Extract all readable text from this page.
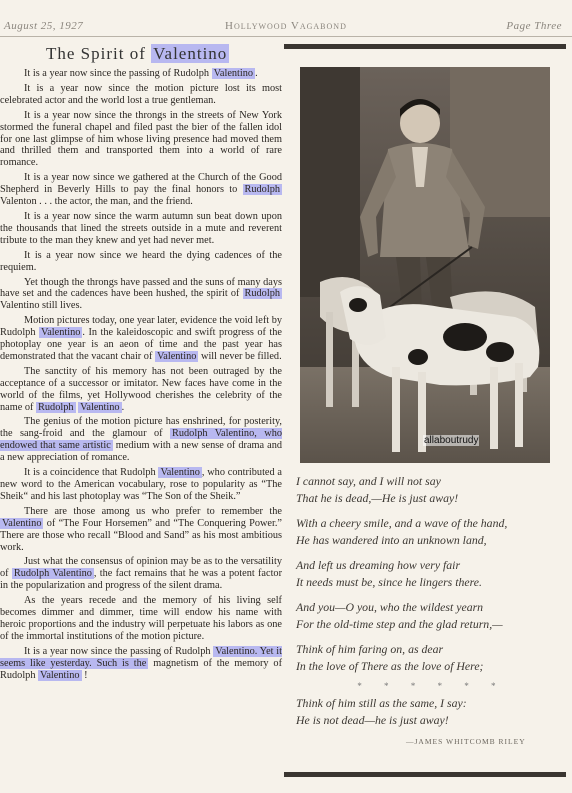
August 25, 1927	Hollywood Vagabond	Page Three
The Spirit of Valentino

It is a year now since the passing of Rudolph Valentino .

It is a year now since the motion picture lost its most celebrated actor and the world lost a true gentleman.

It is a year now since the throngs in the streets of New York stormed the funeral chapel and filed past the bier of the fallen idol for one last glimpse of him whose living presence had moved them and thrilled them and transported them into a world of rare romance.

It is a year now since we gathered at the Church of the Good Shepherd in Beverly Hills to pay the final honors to Rudolph Valenton . . . the actor, the man, and the friend.

It is a year now since the warm autumn sun beat down upon the thousands that lined the streets outside in a mute and reverent tribute to the man they knew and yet had never met.

It is a year now since we heard the dying cadences of the requiem.

Yet though the throngs have passed and the suns of many days have set and the cadences have been hushed, the spirit of Rudolph Valentino still lives.

Motion pictures today, one year later, evidence the void left by Rudolph Valentino . In the kaleidoscopic and swift progress of the photoplay one year is an aeon of time and the past year has demonstrated that the vacant chair of Valentino will never be filled.

The sanctity of his memory has not been outraged by the acceptance of a successor or imitator. New faces have come in the world of the films, yet Hollywood cherishes the celebrity of the name of Rudolph Valentino .

The genius of the motion picture has enshrined, for posterity, the sang-froid and the glamour of Rudolph Valentino, who endowed that same artistic medium with a new sense of drama and a new appreciation of romance.

It is a coincidence that Rudolph Valentino , who contributed a new word to the American vocabulary, rose to popularity as “The Sheik“ and his last photoplay was “The Son of the Sheik.”

There are those among us who prefer to remember the Valentino of “The Four Horsemen” and “The Conquering Power.” There are those who recall “Blood and Sand” as his most ambitious work.

Just what the consensus of opinion may be as to the versatility of Rudolph Valentino , the fact remains that he was a potent factor in the popularization and progress of the silent drama.

As the years recede and the memory of his living self becomes dimmer and dimmer, time will endow his name with heroic proportions and the industry will perpetuate his labors as one of the immortal institutions of the motion picture.

It is a year now since the passing of Rudolph Valentino. Yet it seems like yesterday. Such is the magnetism of the memory of Rudolph Valentino !

allaboutrudy
I cannot say, and I will not say
That he is dead,—He is just away!
With a cheery smile, and a wave of the hand,
He has wandered into an unknown land,
And left us dreaming how very fair
It needs must be, since he lingers there.
And you—O you, who the wildest yearn
For the old-time step and the glad return,—
Think of him faring on, as dear
In the love of There as the love of Here;
* * * * * *
Think of him still as the same, I say:
He is not dead—he is just away!
—JAMES WHITCOMB RILEY
